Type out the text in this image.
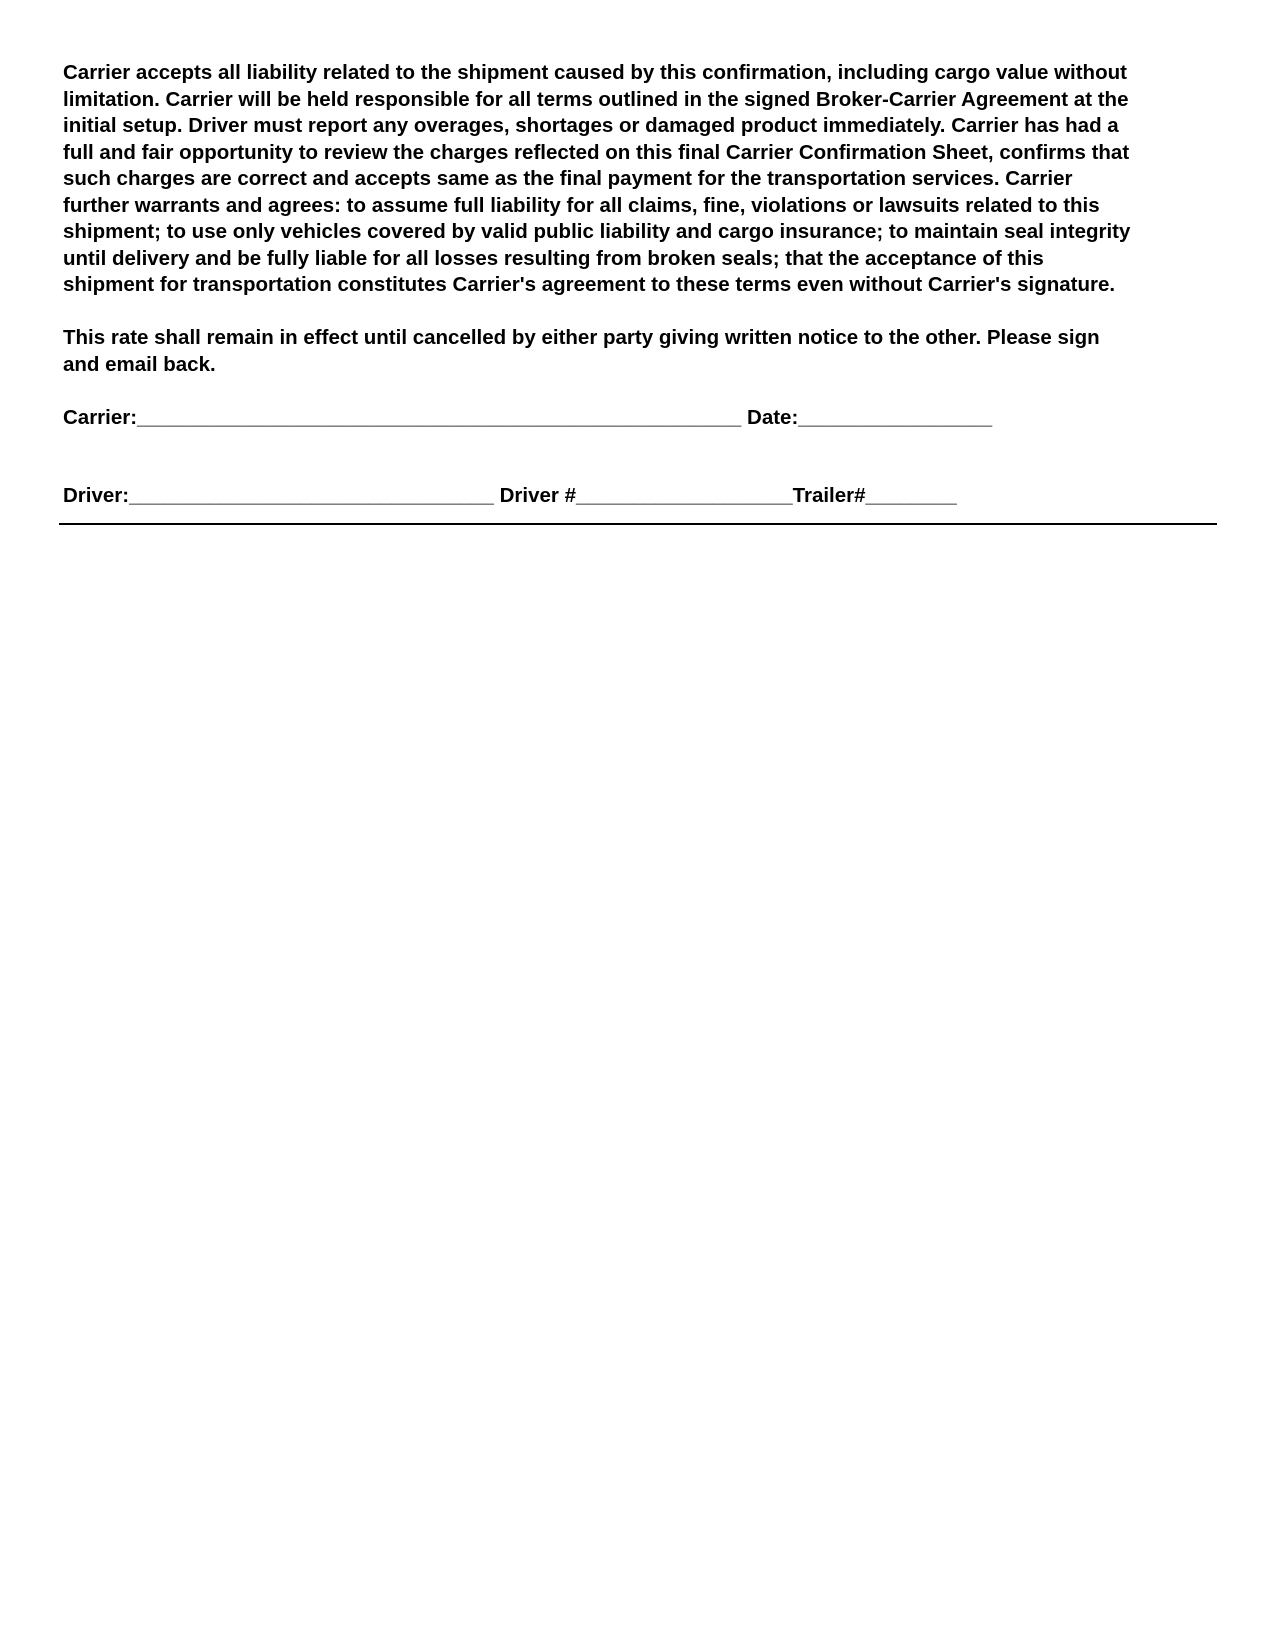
Carrier accepts all liability related to the shipment caused by this confirmation, including cargo value without
limitation. Carrier will be held responsible for all terms outlined in the signed Broker-Carrier Agreement at the
initial setup. Driver must report any overages, shortages or damaged product immediately. Carrier has had a
full and fair opportunity to review the charges reflected on this final Carrier Confirmation Sheet, confirms that
such charges are correct and accepts same as the final payment for the transportation services. Carrier
further warrants and agrees: to assume full liability for all claims, fine, violations or lawsuits related to this
shipment; to use only vehicles covered by valid public liability and cargo insurance; to maintain seal integrity
until delivery and be fully liable for all losses resulting from broken seals; that the acceptance of this
shipment for transportation constitutes Carrier's agreement to these terms even without Carrier's signature.

This rate shall remain in effect until cancelled by either party giving written notice to the other. Please sign
and email back.

Carrier:_____________________________________________________ Date:_________________

Driver:________________________________ Driver #___________________Trailer#________
